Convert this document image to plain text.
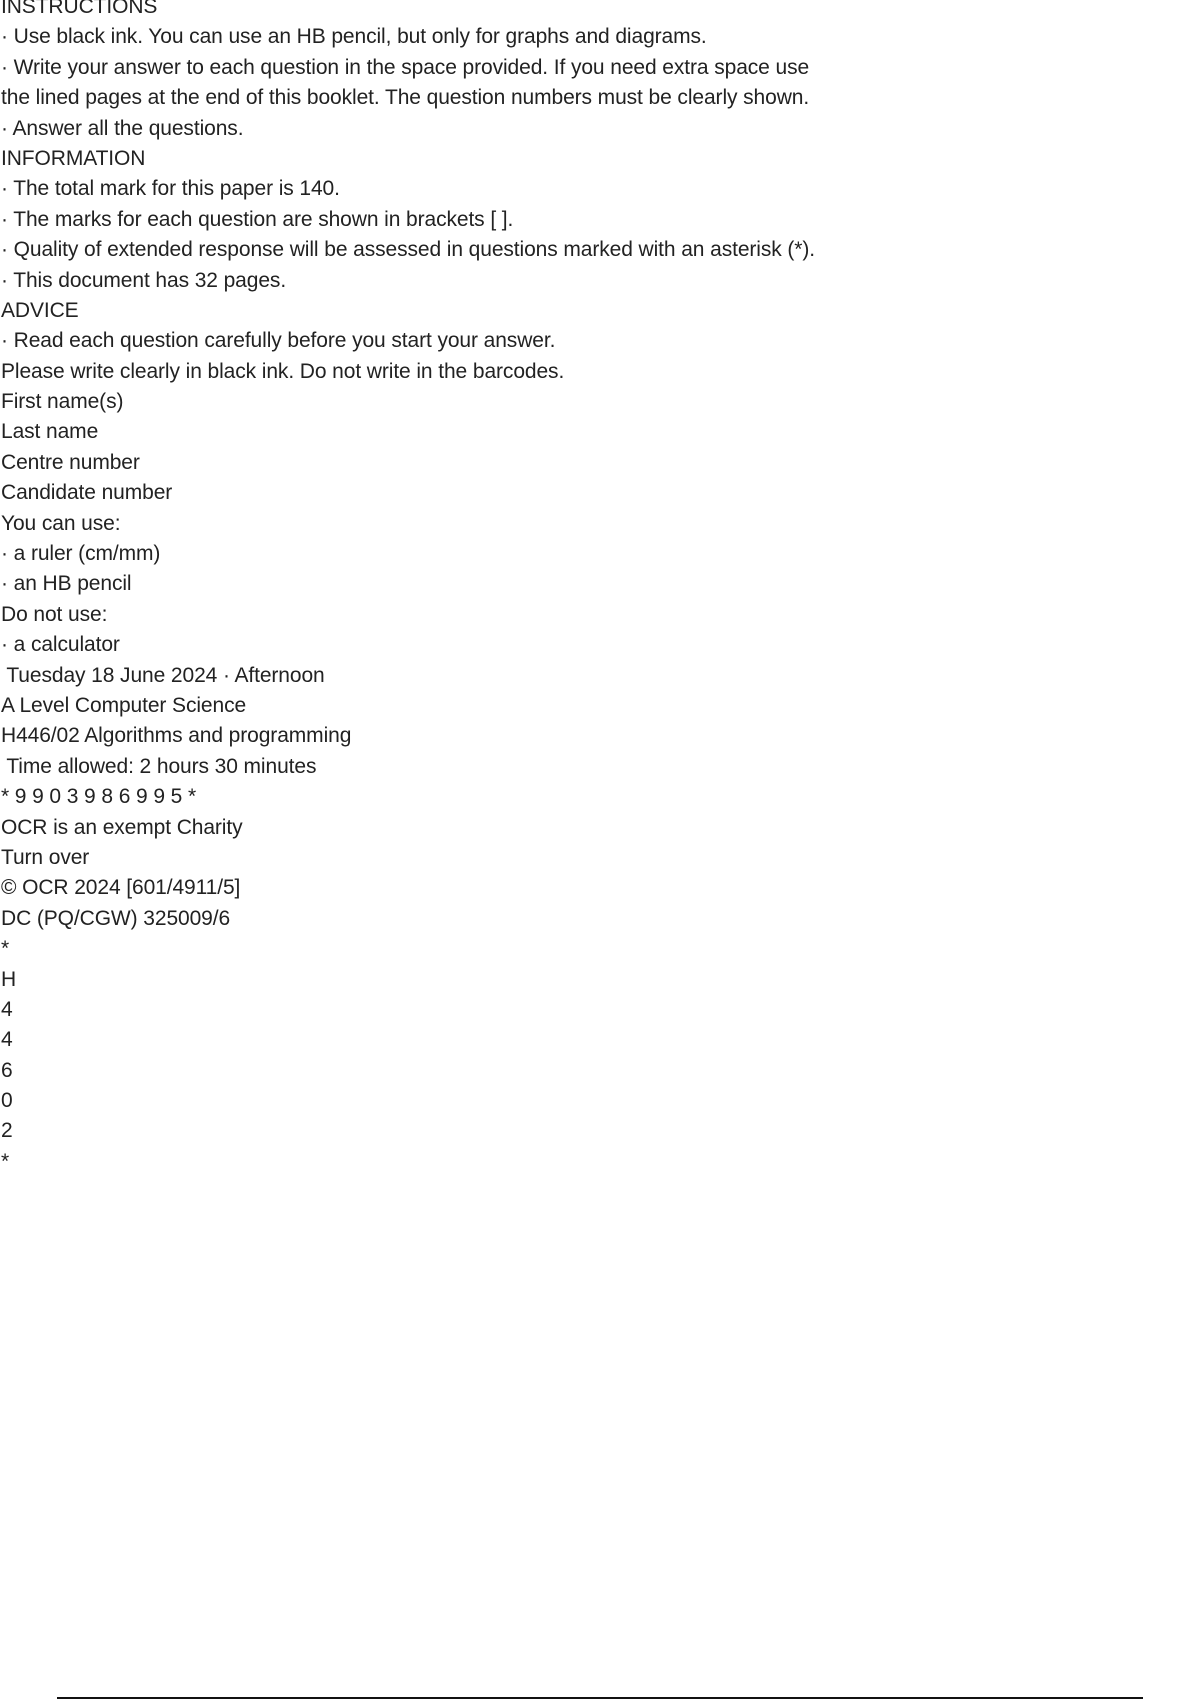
INSTRUCTIONS
· Use black ink. You can use an HB pencil, but only for graphs and diagrams.
· Write your answer to each question in the space provided. If you need extra space use
the lined pages at the end of this booklet. The question numbers must be clearly shown.
· Answer all the questions.
INFORMATION
· The total mark for this paper is 140.
· The marks for each question are shown in brackets [ ].
· Quality of extended response will be assessed in questions marked with an asterisk (*).
· This document has 32 pages.
ADVICE
· Read each question carefully before you start your answer.
Please write clearly in black ink. Do not write in the barcodes.
First name(s)
Last name
Centre number
Candidate number
You can use:
· a ruler (cm/mm)
· an HB pencil
Do not use:
· a calculator
Tuesday 18 June 2024 · Afternoon
A Level Computer Science
H446/02 Algorithms and programming
Time allowed: 2 hours 30 minutes
* 9 9 0 3 9 8 6 9 9 5 *
OCR is an exempt Charity
Turn over
© OCR 2024 [601/4911/5]
DC (PQ/CGW) 325009/6
*
H
4
4
6
0
2
*
